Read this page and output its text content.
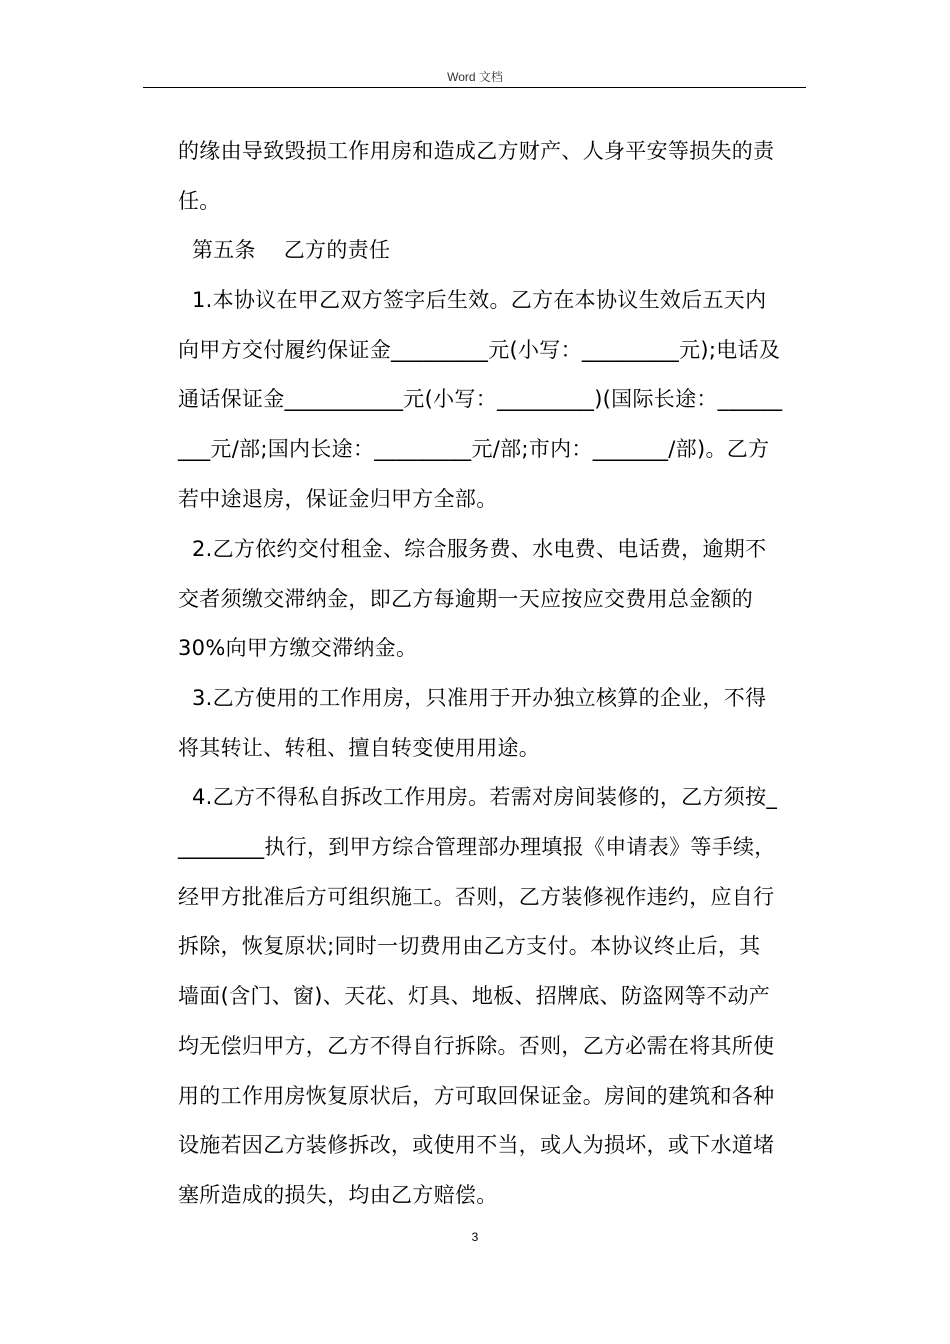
Word 文档
的缘由导致毁损工作用房和造成乙方财产、人身平安等损失的责
任。
第五条    乙方的责任
1.本协议在甲乙双方签字后生效。乙方在本协议生效后五天内
向甲方交付履约保证金_________元(小写：_________元);电话及
通话保证金___________元(小写：_________)(国际长途：______
___元/部;国内长途：_________元/部;市内：_______/部)。乙方
若中途退房，保证金归甲方全部。
2.乙方依约交付租金、综合服务费、水电费、电话费，逾期不
交者须缴交滞纳金，即乙方每逾期一天应按应交费用总金额的
30%向甲方缴交滞纳金。
3.乙方使用的工作用房，只准用于开办独立核算的企业，不得
将其转让、转租、擅自转变使用用途。
4.乙方不得私自拆改工作用房。若需对房间装修的，乙方须按_
________执行，到甲方综合管理部办理填报《申请表》等手续，
经甲方批准后方可组织施工。否则，乙方装修视作违约，应自行
拆除，恢复原状;同时一切费用由乙方支付。本协议终止后，其
墙面(含门、窗)、天花、灯具、地板、招牌底、防盗网等不动产
均无偿归甲方，乙方不得自行拆除。否则，乙方必需在将其所使
用的工作用房恢复原状后，方可取回保证金。房间的建筑和各种
设施若因乙方装修拆改，或使用不当，或人为损坏，或下水道堵
塞所造成的损失，均由乙方赔偿。
3
